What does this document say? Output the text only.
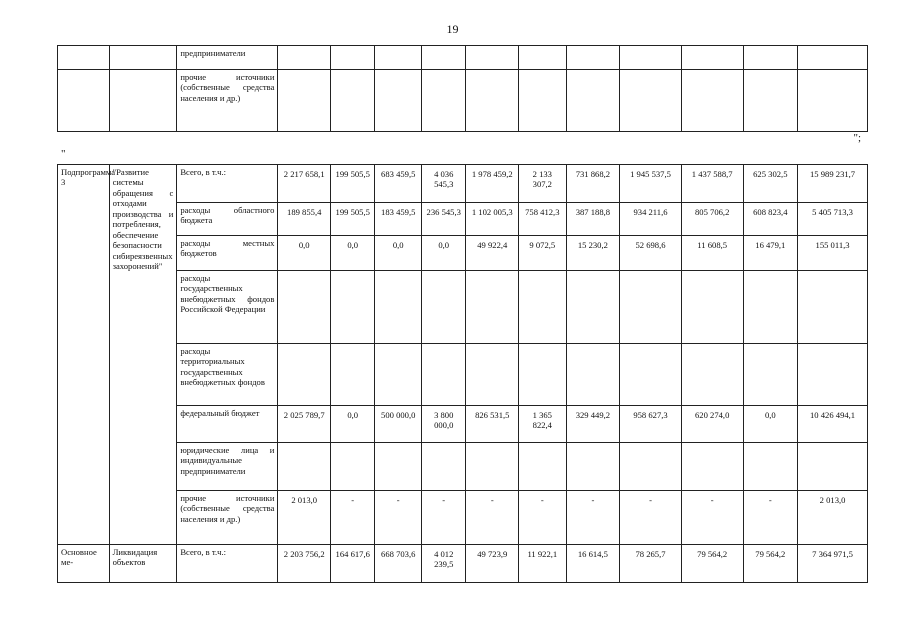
19
		предприниматели											
		прочие источники (собственные средства населения и др.)											
";
"
Подпрограмма 3	"Развитие системы обращения с отходами производства и потребления, обеспечение безопасности сибиреязвенных захоронений"	Всего, в т.ч.:	2 217 658,1	199 505,5	683 459,5	4 036 545,3	1 978 459,2	2 133 307,2	731 868,2	1 945 537,5	1 437 588,7	625 302,5	15 989 231,7
		расходы областного бюджета	189 855,4	199 505,5	183 459,5	236 545,3	1 102 005,3	758 412,3	387 188,8	934 211,6	805 706,2	608 823,4	5 405 713,3
		расходы местных бюджетов	0,0	0,0	0,0	0,0	49 922,4	9 072,5	15 230,2	52 698,6	11 608,5	16 479,1	155 011,3
		расходы государственных внебюджетных фондов Российской Федерации											
		расходы территориальных государственных внебюджетных фондов											
		федеральный бюджет	2 025 789,7	0,0	500 000,0	3 800 000,0	826 531,5	1 365 822,4	329 449,2	958 627,3	620 274,0	0,0	10 426 494,1
		юридические лица и индивидуальные предприниматели											
		прочие источники (собственные средства населения и др.)	2 013,0	-	-	-	-	-	-	-	-	-	2 013,0
Основное ме-	Ликвидация объектов	Всего, в т.ч.:	2 203 756,2	164 617,6	668 703,6	4 012 239,5	49 723,9	11 922,1	16 614,5	78 265,7	79 564,2	79 564,2	7 364 971,5
